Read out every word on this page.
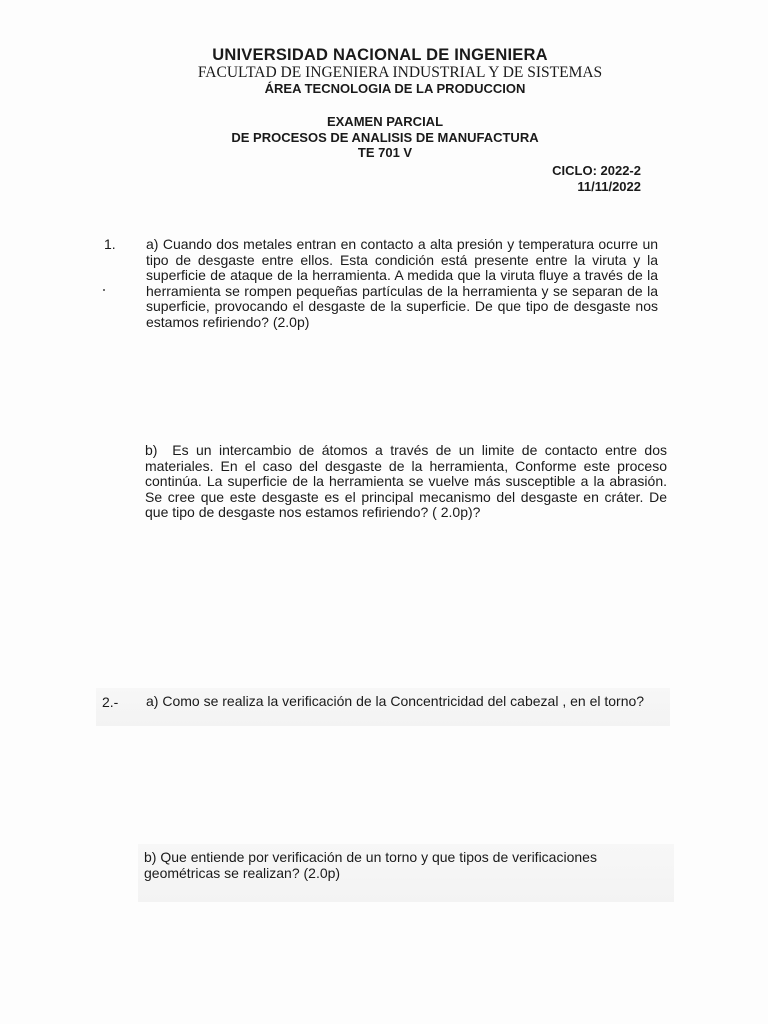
UNIVERSIDAD NACIONAL DE INGENIERA
FACULTAD DE INGENIERA INDUSTRIAL Y DE SISTEMAS
ÁREA TECNOLOGIA DE LA PRODUCCION
EXAMEN PARCIAL
DE PROCESOS DE ANALISIS DE MANUFACTURA
TE 701 V
CICLO: 2022-2
11/11/2022
1. a) Cuando dos metales entran en contacto a alta presión y temperatura ocurre un tipo de desgaste entre ellos. Esta condición está presente entre la viruta y la superficie de ataque de la herramienta. A medida que la viruta fluye a través de la herramienta se rompen pequeñas partículas de la herramienta y se separan de la superficie, provocando el desgaste de la superficie. De que tipo de desgaste nos estamos refiriendo? (2.0p)
b) Es un intercambio de átomos a través de un limite de contacto entre dos materiales. En el caso del desgaste de la herramienta, Conforme este proceso continúa. La superficie de la herramienta se vuelve más susceptible a la abrasión. Se cree que este desgaste es el principal mecanismo del desgaste en cráter. De que tipo de desgaste nos estamos refiriendo? ( 2.0p)?
2.- a) Como se realiza la verificación de la Concentricidad del cabezal , en el torno?
b) Que entiende por verificación de un torno y que tipos de verificaciones geométricas se realizan? (2.0p)
